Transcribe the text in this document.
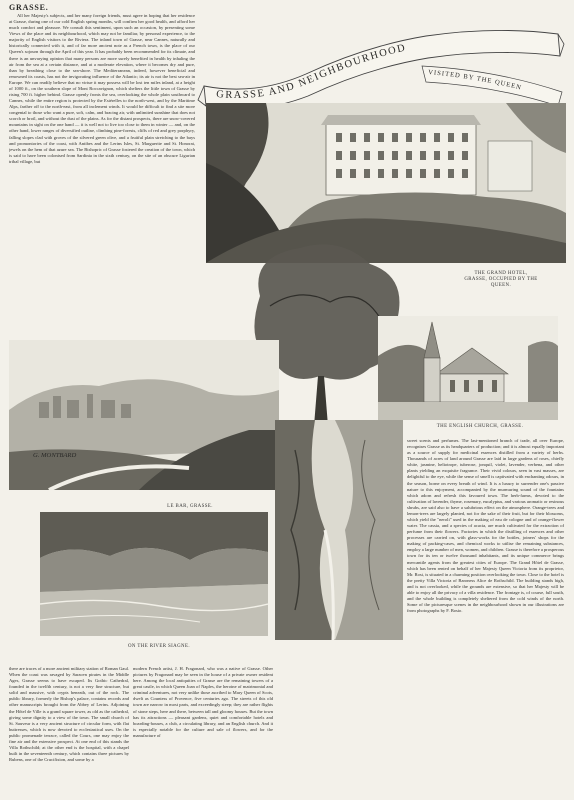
GRASSE.

All her Majesty's subjects, and her many foreign friends, must agree in hoping that her residence at Grasse, during one of our cold English spring months, will confirm her good health, and afford her much comfort and pleasure. We consult this sentiment, upon such an occasion, by presenting some Views of the place and its neighbourhood, which may not be familiar, by personal experience, to the majority of English visitors to the Riviera. The inland town of Grasse, near Cannes, naturally and historically connected with it, and of far more ancient note as a French town, is the place of our Queen's sojourn through the April of this year. It has probably been recommended for its climate, and there is an unvarying opinion that many persons are more surely benefited in health by inhaling the air from the sea at a certain distance, and at a moderate elevation, where it becomes dry and pure, than by breathing close to the sea-shore. The Mediterranean, indeed, however beneficial and renowned its coasts, has not the invigorating influence of the Atlantic; its air is not the best sea-air in Europe. We can readily believe that no virtue it may possess will be lost ten miles inland, at a height of 1000 ft., on the southern slope of Mont Roccavignon, which shelters the little town of Grasse by rising 700 ft. higher behind. Grasse openly fronts the sea, overlooking the whole plain southward to Cannes, while the entire region is protected by the Estérelles to the north-west, and by the Maritime Alps, farther off to the north-east, from all inclement winds. It would be difficult to find a site more congenial to those who want a pure, soft, calm, and bracing air, with unlimited sunshine that does not scorch or broil, and without the dust of the plains. As for the distant prospects, there are snow-covered mountains in sight on the one hand — it is well not to live too close to them in winter — and, on the other hand, lower ranges of diversified outline, climbing pine-forests, cliffs of red and grey porphyry, falling slopes clad with groves of the silvered green olive, and a fruitful plain stretching to the bays and promontories of the coast, with Antibes and the Lerins Isles, St. Marguerite and St. Honorat, jewels on the hem of that azure sea. The Bishopric of Grasse fostered the creation of the town, which is said to have been colonised from Sardinia in the sixth century, on the site of an obscure Ligurian tribal village, but

GRASSE AND NEIGHBOURHOOD
VISITED BY THE QUEEN
THE GRAND HOTEL,
GRASSE, OCCUPIED BY THE
QUEEN.
G. MONTBARD
LE BAR, GRASSE.
THE ENGLISH CHURCH, GRASSE.
ON THE RIVER SIAGNE.

there are traces of a more ancient military station of Roman Gaul. When the coast was ravaged by Saracen pirates in the Middle Ages, Grasse seems to have escaped. Its Gothic Cathedral, founded in the twelfth century, is not a very fine structure, but solid and massive, with crypts beneath, out of the rock. The public library, formerly the Bishop's palace, contains records and other manuscripts brought from the Abbey of Lerins. Adjoining the Hôtel de Ville is a grand square tower, as old as the cathedral, giving some dignity to a view of the town. The small church of St. Sauveur is a very ancient structure of circular form, with flat buttresses, which is now devoted to ecclesiastical uses. On the public promenade terrace, called the Cours, one may enjoy the fine air and the extensive prospect. At one end of this stands the Villa Rothschild; at the other end is the hospital, with a chapel built in the seventeenth century, which contains three pictures by Rubens, one of the Crucifixion, and some by a

modern French artist, J. H. Fragonard, who was a native of Grasse. Other pictures by Fragonard may be seen in the house of a private owner resident here. Among the local antiquities of Grasse are the remaining towers of a great castle, in which Queen Joan of Naples, the heroine of matrimonial and criminal adventures, not very unlike those ascribed to Mary Queen of Scots, dwelt as Countess of Provence, five centuries ago. The streets of this old town are narrow in most parts, and exceedingly steep; they are rather flights of stone steps, here and there, between tall and gloomy houses. But the town has its attractions — pleasant gardens, quiet and comfortable hotels and boarding-houses, a club, a circulating library, and an English church. And it is especially notable for the culture and sale of flowers, and for the manufacture of

sweet scents and perfumes. The last-mentioned branch of trade, all over Europe, recognises Grasse as its headquarters of production; and it is almost equally important as a source of supply for medicinal essences distilled from a variety of herbs. Thousands of acres of land around Grasse are laid in large gardens of roses, chiefly white, jasmine, heliotrope, tuberose, jonquil, violet, lavender, verbena, and other plants yielding an exquisite fragrance. Their vivid colours, seen in vast masses, are delightful to the eye, while the sense of smell is captivated with enchanting odours, in the season, borne on every breath of wind. It is a luxury to surrender one's passive nature to this enjoyment, accompanied by the murmuring sound of the fountains which adorn and refresh this favoured town. The herb-farms, devoted to the cultivation of lavender, thyme, rosemary, eucalyptus, and various aromatic or resinous shrubs, are said also to have a salubrious effect on the atmosphere. Orange-trees and lemon-trees are largely planted, not for the sake of their fruit, but for their blossoms, which yield the "neroli" used in the making of eau de cologne and of orange-flower water. The cassia, and a species of acacia, are much cultivated for the extraction of perfume from their flowers. Factories in which the distilling of essences and other processes are carried on, with glass-works for the bottles, joiners' shops for the making of packing-cases, and chemical works to utilise the remaining substances, employ a large number of men, women, and children. Grasse is therefore a prosperous town for its ten or twelve thousand inhabitants, and its unique commerce brings mercantile agents from the greatest cities of Europe. The Grand Hôtel de Grasse, which has been rented on behalf of her Majesty Queen Victoria from its proprietor, Mr. Rost, is situated in a charming position overlooking the town. Close to the hotel is the pretty Villa Victoria of Baroness Alice de Rothschild. The building stands high, and is not overlooked, while the grounds are extensive, so that her Majesty will be able to enjoy all the privacy of a villa residence. The frontage is, of course, full south, and the whole building is completely sheltered from the cold winds of the north. Some of the picturesque scenes in the neighbourhood shown in our illustrations are from photographs by F. Bosio.
